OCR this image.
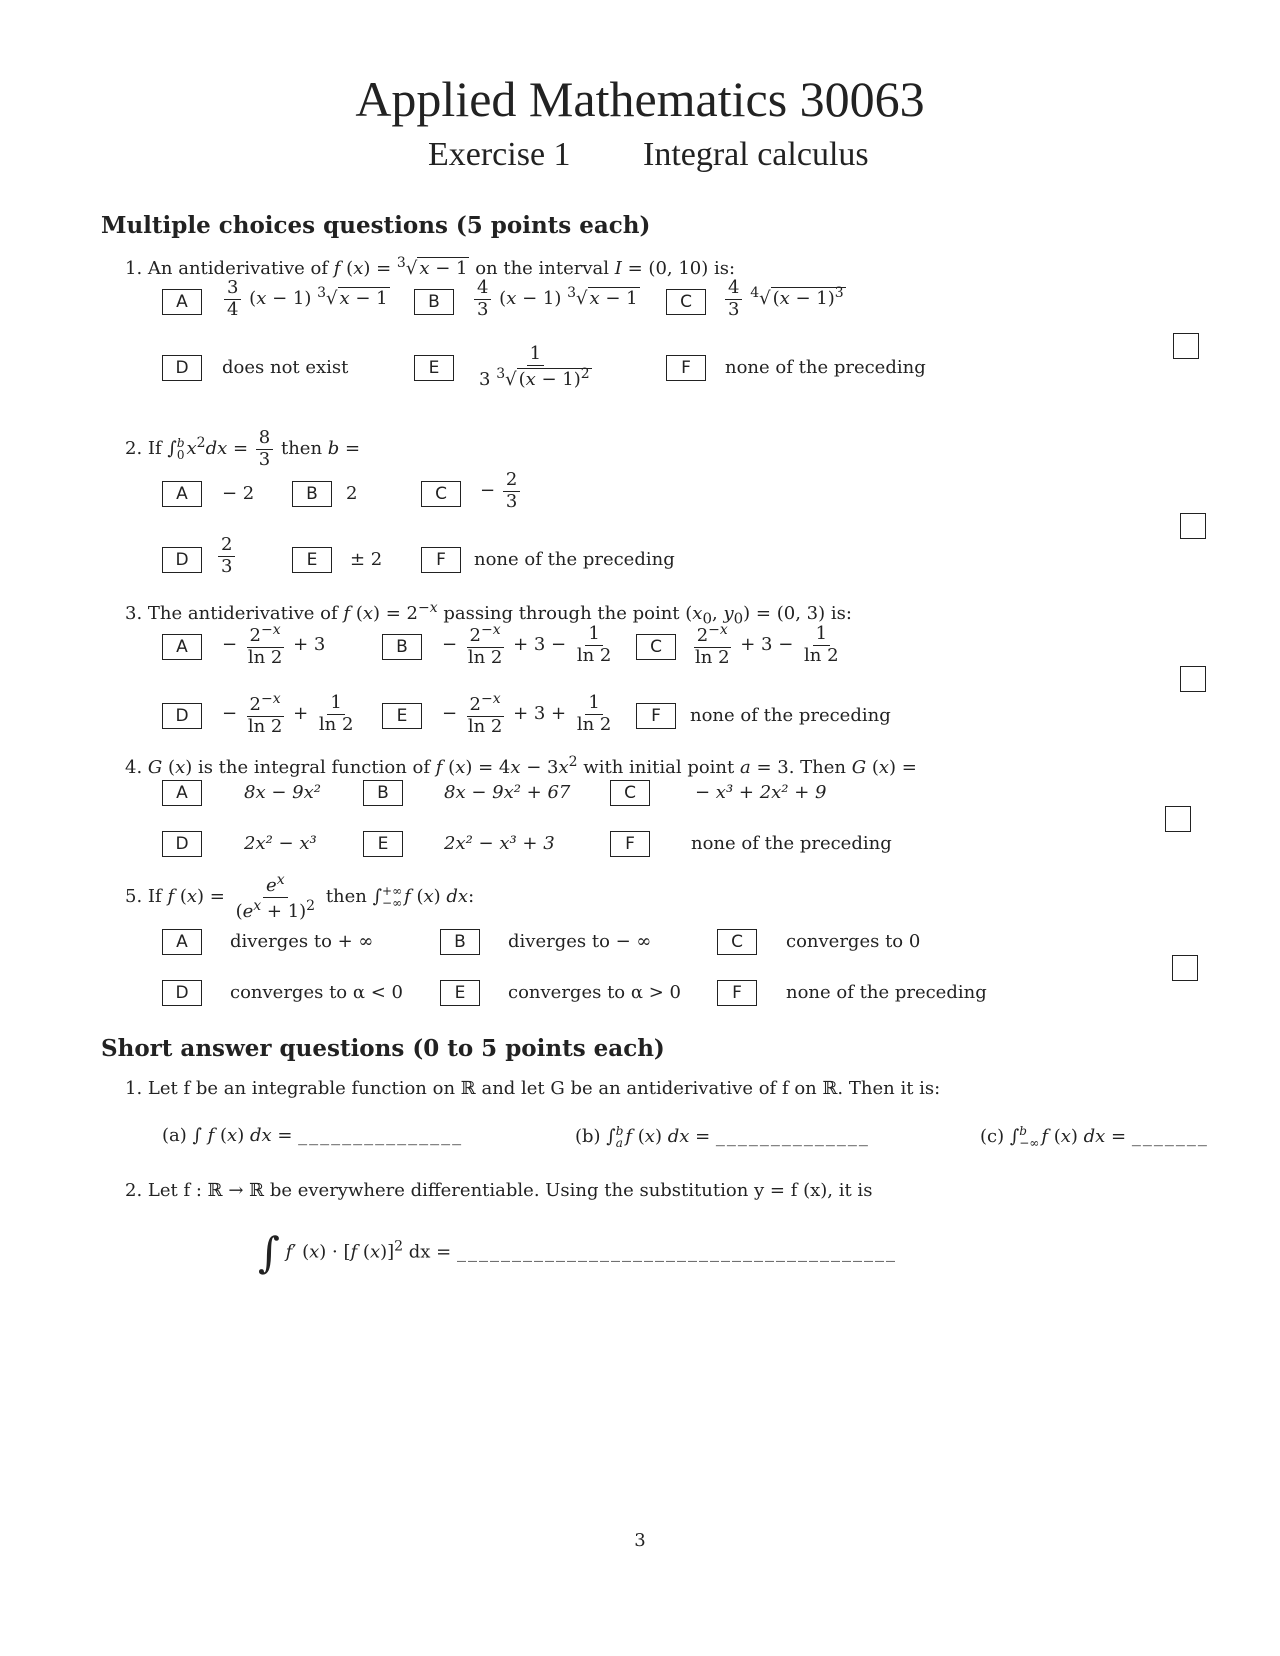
Applied Mathematics 30063
Exercise 1 Integral calculus
Multiple choices questions (5 points each)
1. An antiderivative of f (x) = $^3$√ x − 1 on the interval I = (0, 10) is:
A	$\frac{3}{4} (x - 1)$ $^3$√ x − 1	B	$\frac{4}{3} (x - 1)$ $^3$√ x − 1	C	$\frac{4}{3} ^4√$ $(x - 1)^3$
D	does not exist	E	$\frac{1}{3 ^3√ (x - 1)^2}$	F	none of the preceding
2. If ∫ b
0 $x^2dx = \frac{8}{3}$ then b =
A	− 2	B	2	C	− $\frac{2}{3}$
D	$\frac{2}{3}$	E	± 2	F	none of the preceding
3. The antiderivative of f $(x) = 2^{-x}$ passing through the point ($x_0$, $y_0) = (0$, 3) is:
A	− $\frac{2^{-x}}{\ln 2} + 3$	B	− $\frac{2^{-x}}{\ln 2} + 3 - \frac{1}{\ln 2}$	C	$\frac{2^{-x}}{\ln 2} + 3 - \frac{1}{\ln 2}$
D	− $\frac{2^{-x}}{\ln 2} + \frac{1}{\ln 2}$	E	− $\frac{2^{-x}}{\ln 2} + 3 + \frac{1}{\ln 2}$	F	none of the preceding
4. G (x) is the integral function of f $(x) = 4x - 3x^2$ with initial point a = 3. Then G (x) =
A	8x − 9x²	B	8x − 9x² + 67	C	− x³ + 2x² + 9
D	2x² − x³	E	2x² − x³ + 3	F	none of the preceding
5. If f $(x) = \frac{e^x}{(e^x + 1)^2}$ then ∫ +∞
−∞ f (x) dx:
A	diverges to + ∞	B	diverges to − ∞	C	converges to 0
D	converges to α < 0	E	converges to α > 0	F	none of the preceding
Short answer questions (0 to 5 points each)
1. Let f be an integrable function on ℝ and let G be an antiderivative of f on ℝ. Then it is:
(a) ∫ f (x) dx = _______________	(b) ∫ b
a f (x) dx = ______________	(c) ∫ b
−∞ f (x) dx = _______
2. Let f : ℝ → ℝ be everywhere differentiable. Using the substitution y = f (x), it is
∫ f′ (x) · [f (x)]$^2$ dx = ________________________________________
3
